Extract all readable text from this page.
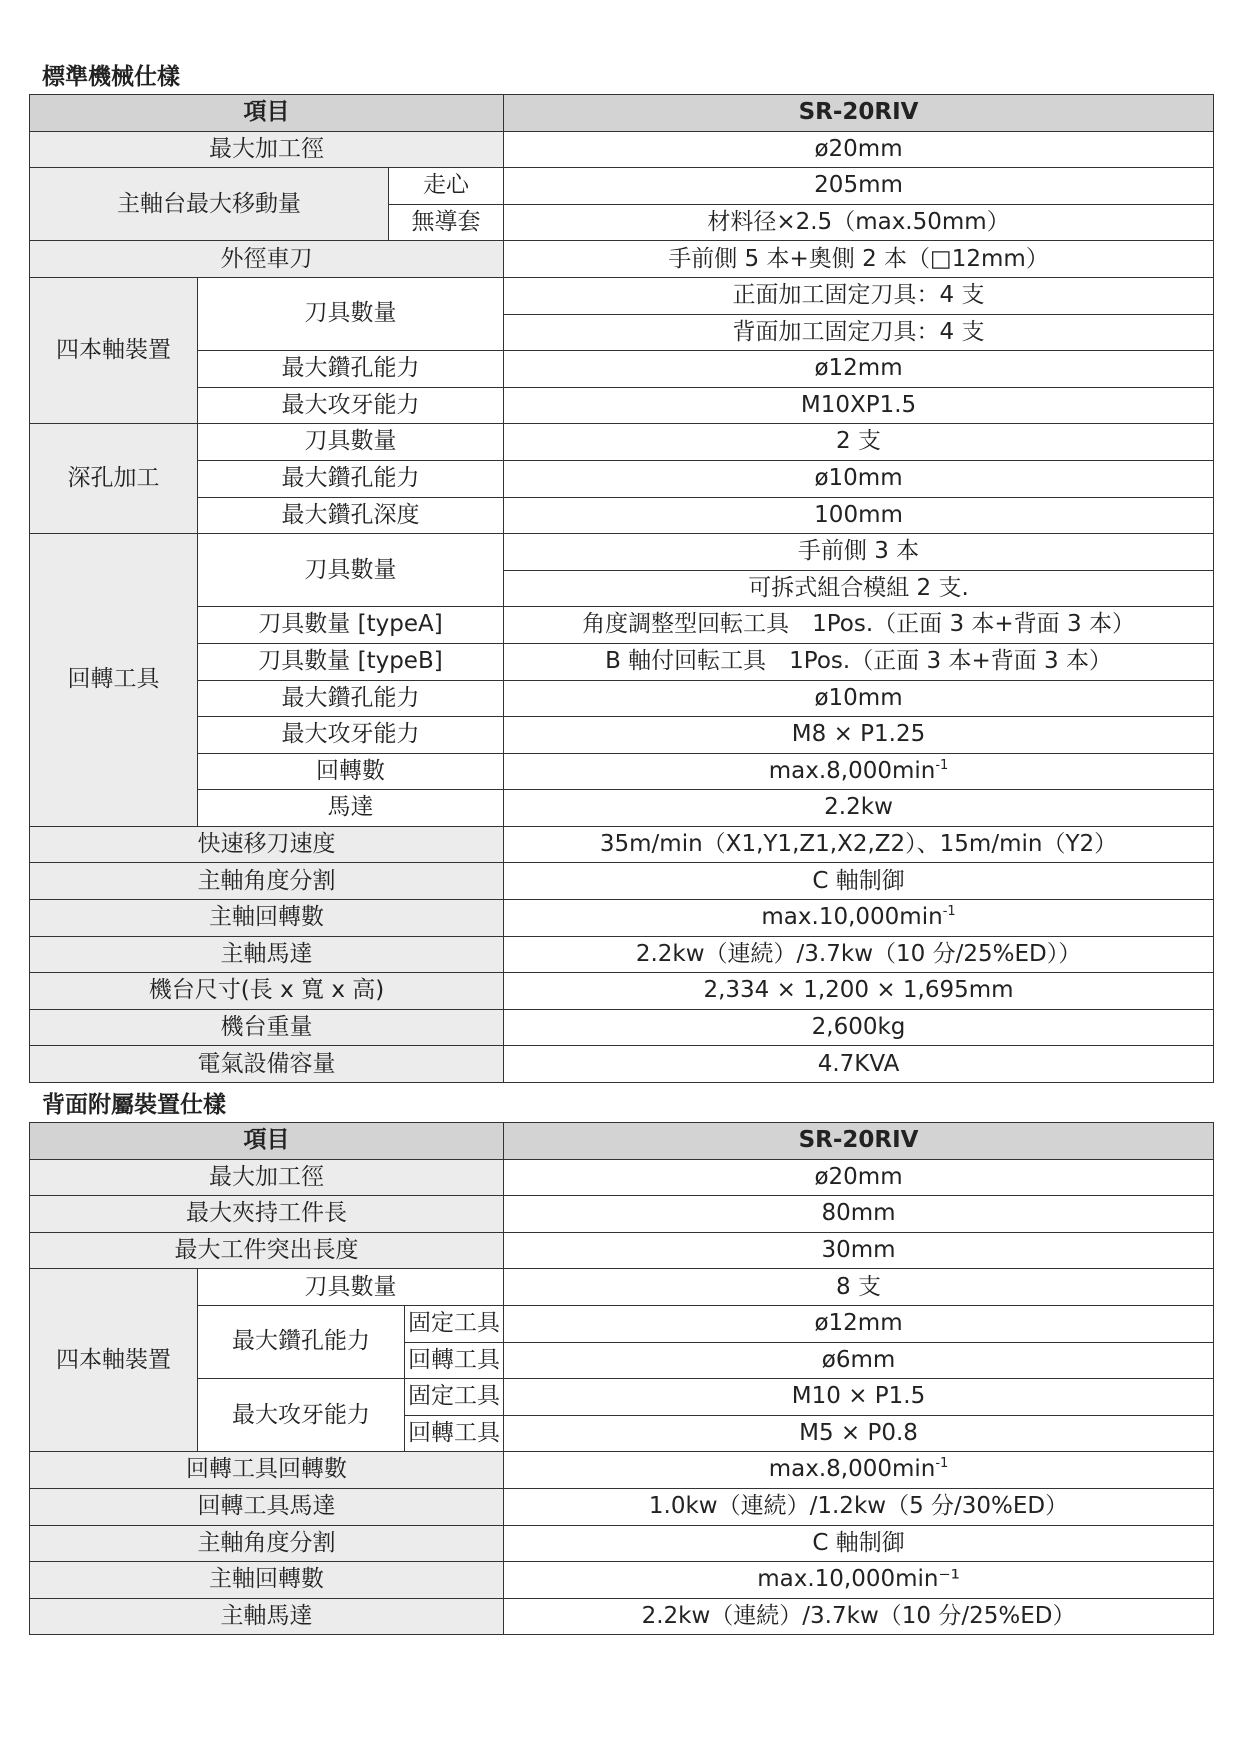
標準機械仕樣
項目			SR-20RIV
最大加工徑			ø20mm
主軸台最大移動量		走心	205mm
		無導套	材料径×2.5（max.50mm）
外徑車刀			手前側 5 本+奧側 2 本（□12mm）
四本軸裝置	刀具數量		正面加工固定刀具：4 支
			背面加工固定刀具：4 支
	最大鑽孔能力		ø12mm
	最大攻牙能力		M10XP1.5
深孔加工	刀具數量		2 支
	最大鑽孔能力		ø10mm
	最大鑽孔深度		100mm
回轉工具	刀具數量		手前側 3 本
			可拆式組合模組 2 支.
	刀具數量 [typeA]		角度調整型回転工具　1Pos.（正面 3 本+背面 3 本）
	刀具數量 [typeB]		B 軸付回転工具　1Pos.（正面 3 本+背面 3 本）
	最大鑽孔能力		ø10mm
	最大攻牙能力		M8 × P1.25
	回轉數		$\max.8,000\min^{-1}$
	馬達		2.2kw
快速移刀速度			35m/min（X1,Y1,Z1,X2,Z2）、15m/min（Y2）
主軸角度分割			C 軸制御
主軸回轉數			$\max.10,000\min^{-1}$
主軸馬達			2.2kw（連続）/3.7kw（10 分/25%ED））
機台尺寸(長 x 寬 x 高)			2,334 × 1,200 × 1,695mm
機台重量			2,600kg
電氣設備容量			4.7KVA
背面附屬裝置仕樣
項目			SR-20RIV
最大加工徑			ø20mm
最大夾持工件長			80mm
最大工件突出長度			30mm
四本軸裝置	刀具數量		8 支
	最大鑽孔能力	固定工具	ø12mm
		回轉工具	ø6mm
	最大攻牙能力	固定工具	M10 × P1.5
		回轉工具	M5 × P0.8
回轉工具回轉數			$\max.8,000\min^{-1}$
回轉工具馬達			1.0kw（連続）/1.2kw（5 分/30%ED）
主軸角度分割			C 軸制御
主軸回轉數			max.10,000min⁻¹
主軸馬達			2.2kw（連続）/3.7kw（10 分/25%ED）
